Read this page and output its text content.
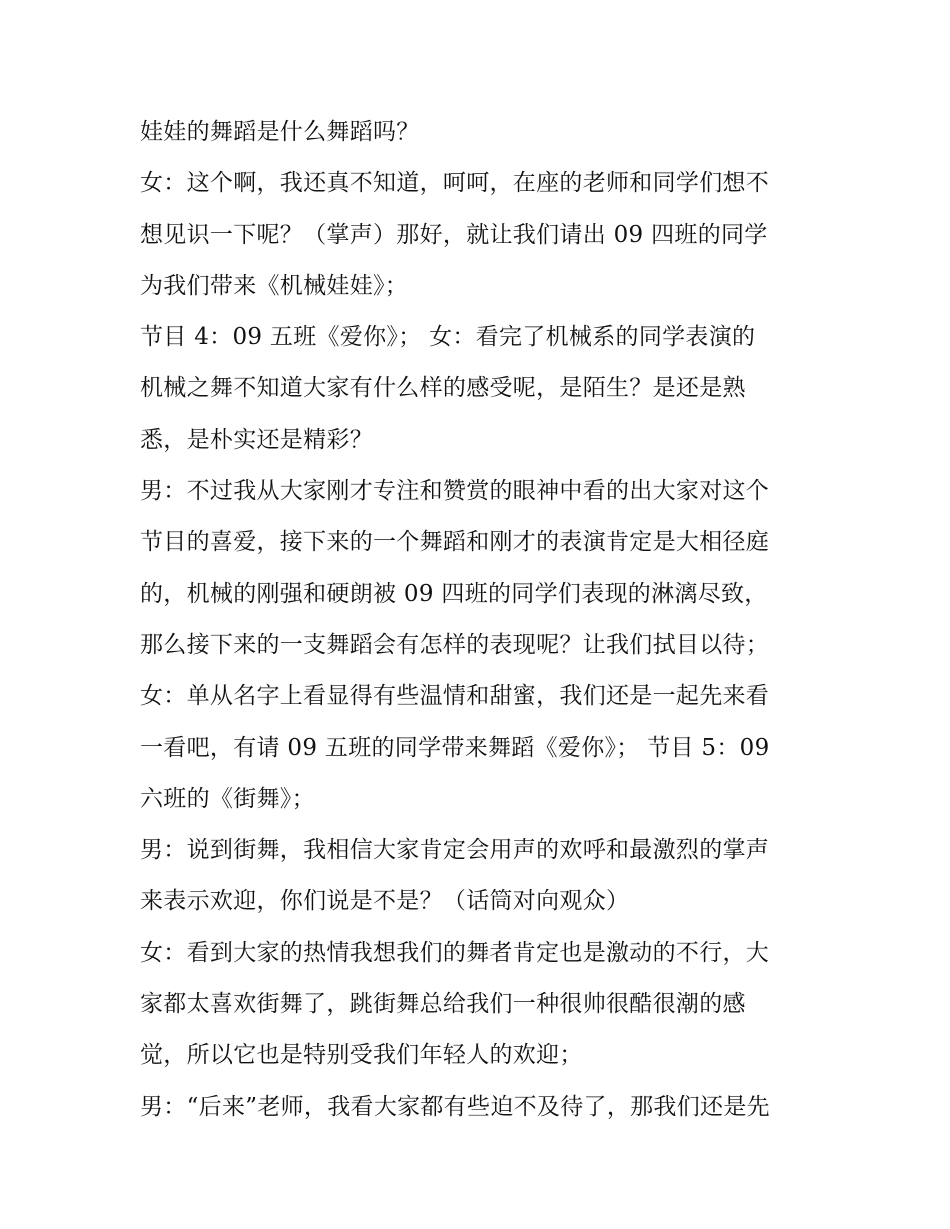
娃娃的舞蹈是什么舞蹈吗？
女：这个啊，我还真不知道，呵呵，在座的老师和同学们想不
想见识一下呢？（掌声）那好，就让我们请出 09 四班的同学
为我们带来《机械娃娃》；
节目 4：09 五班《爱你》； 女：看完了机械系的同学表演的
机械之舞不知道大家有什么样的感受呢，是陌生？是还是熟
悉，是朴实还是精彩？
男：不过我从大家刚才专注和赞赏的眼神中看的出大家对这个
节目的喜爱，接下来的一个舞蹈和刚才的表演肯定是大相径庭
的，机械的刚强和硬朗被 09 四班的同学们表现的淋漓尽致，
那么接下来的一支舞蹈会有怎样的表现呢？让我们拭目以待；
女：单从名字上看显得有些温情和甜蜜，我们还是一起先来看
一看吧，有请 09 五班的同学带来舞蹈《爱你》； 节目 5：09
六班的《街舞》；
男：说到街舞，我相信大家肯定会用声的欢呼和最激烈的掌声
来表示欢迎，你们说是不是？（话筒对向观众）
女：看到大家的热情我想我们的舞者肯定也是激动的不行，大
家都太喜欢街舞了，跳街舞总给我们一种很帅很酷很潮的感
觉，所以它也是特别受我们年轻人的欢迎；
男：“后来”老师，我看大家都有些迫不及待了，那我们还是先
